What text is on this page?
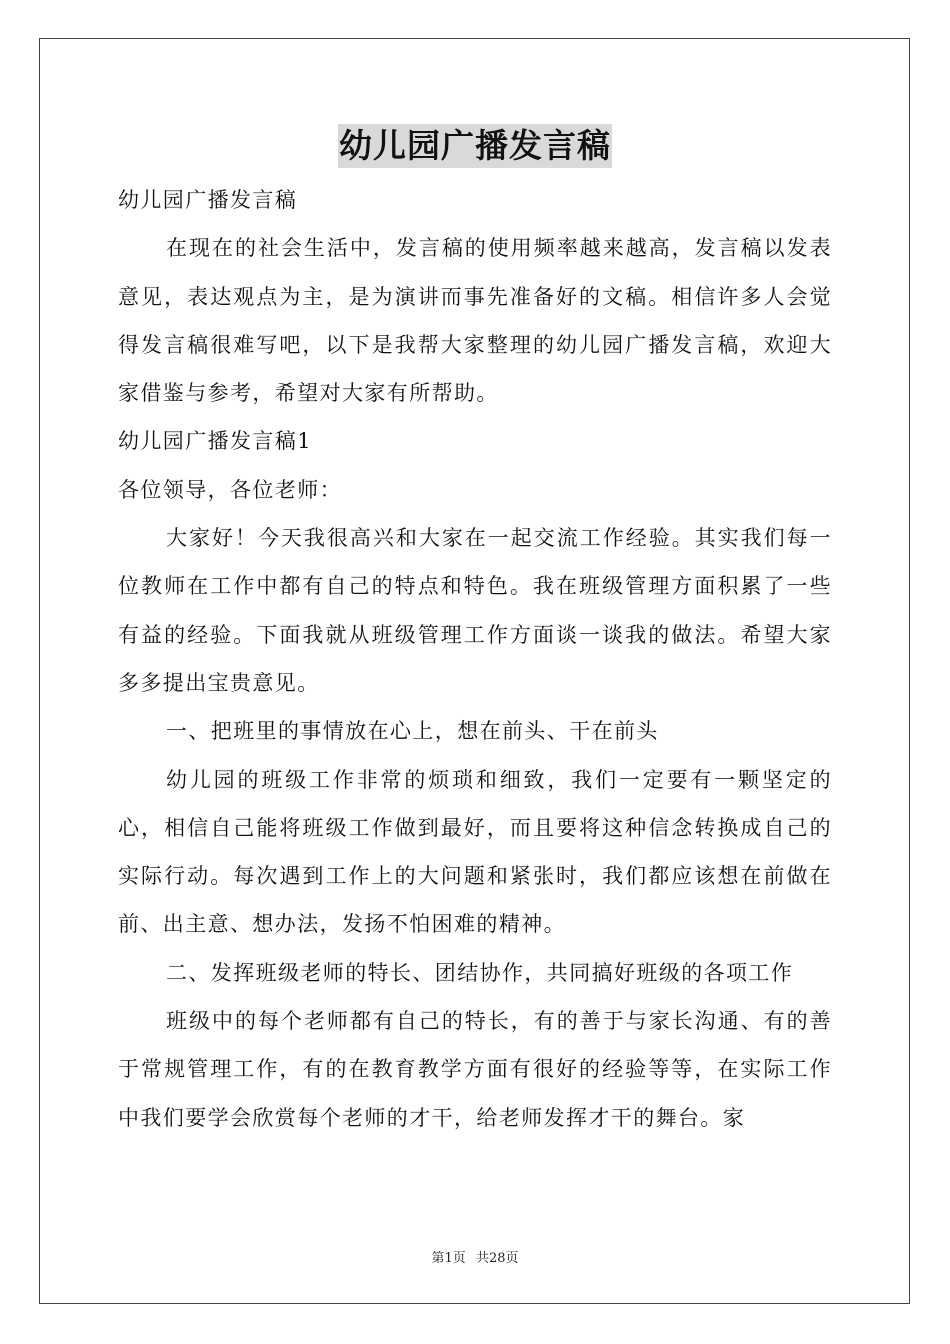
幼儿园广播发言稿

幼儿园广播发言稿

在现在的社会生活中，发言稿的使用频率越来越高，发言稿以发表意见，表达观点为主，是为演讲而事先准备好的文稿。相信许多人会觉得发言稿很难写吧，以下是我帮大家整理的幼儿园广播发言稿，欢迎大家借鉴与参考，希望对大家有所帮助。

幼儿园广播发言稿1

各位领导，各位老师：

大家好！今天我很高兴和大家在一起交流工作经验。其实我们每一位教师在工作中都有自己的特点和特色。我在班级管理方面积累了一些有益的经验。下面我就从班级管理工作方面谈一谈我的做法。希望大家多多提出宝贵意见。

一、把班里的事情放在心上，想在前头、干在前头

幼儿园的班级工作非常的烦琐和细致，我们一定要有一颗坚定的心，相信自己能将班级工作做到最好，而且要将这种信念转换成自己的实际行动。每次遇到工作上的大问题和紧张时，我们都应该想在前做在前、出主意、想办法，发扬不怕困难的精神。

二、发挥班级老师的特长、团结协作，共同搞好班级的各项工作

班级中的每个老师都有自己的特长，有的善于与家长沟通、有的善于常规管理工作，有的在教育教学方面有很好的经验等等，在实际工作中我们要学会欣赏每个老师的才干，给老师发挥才干的舞台。家

第1页 共28页
